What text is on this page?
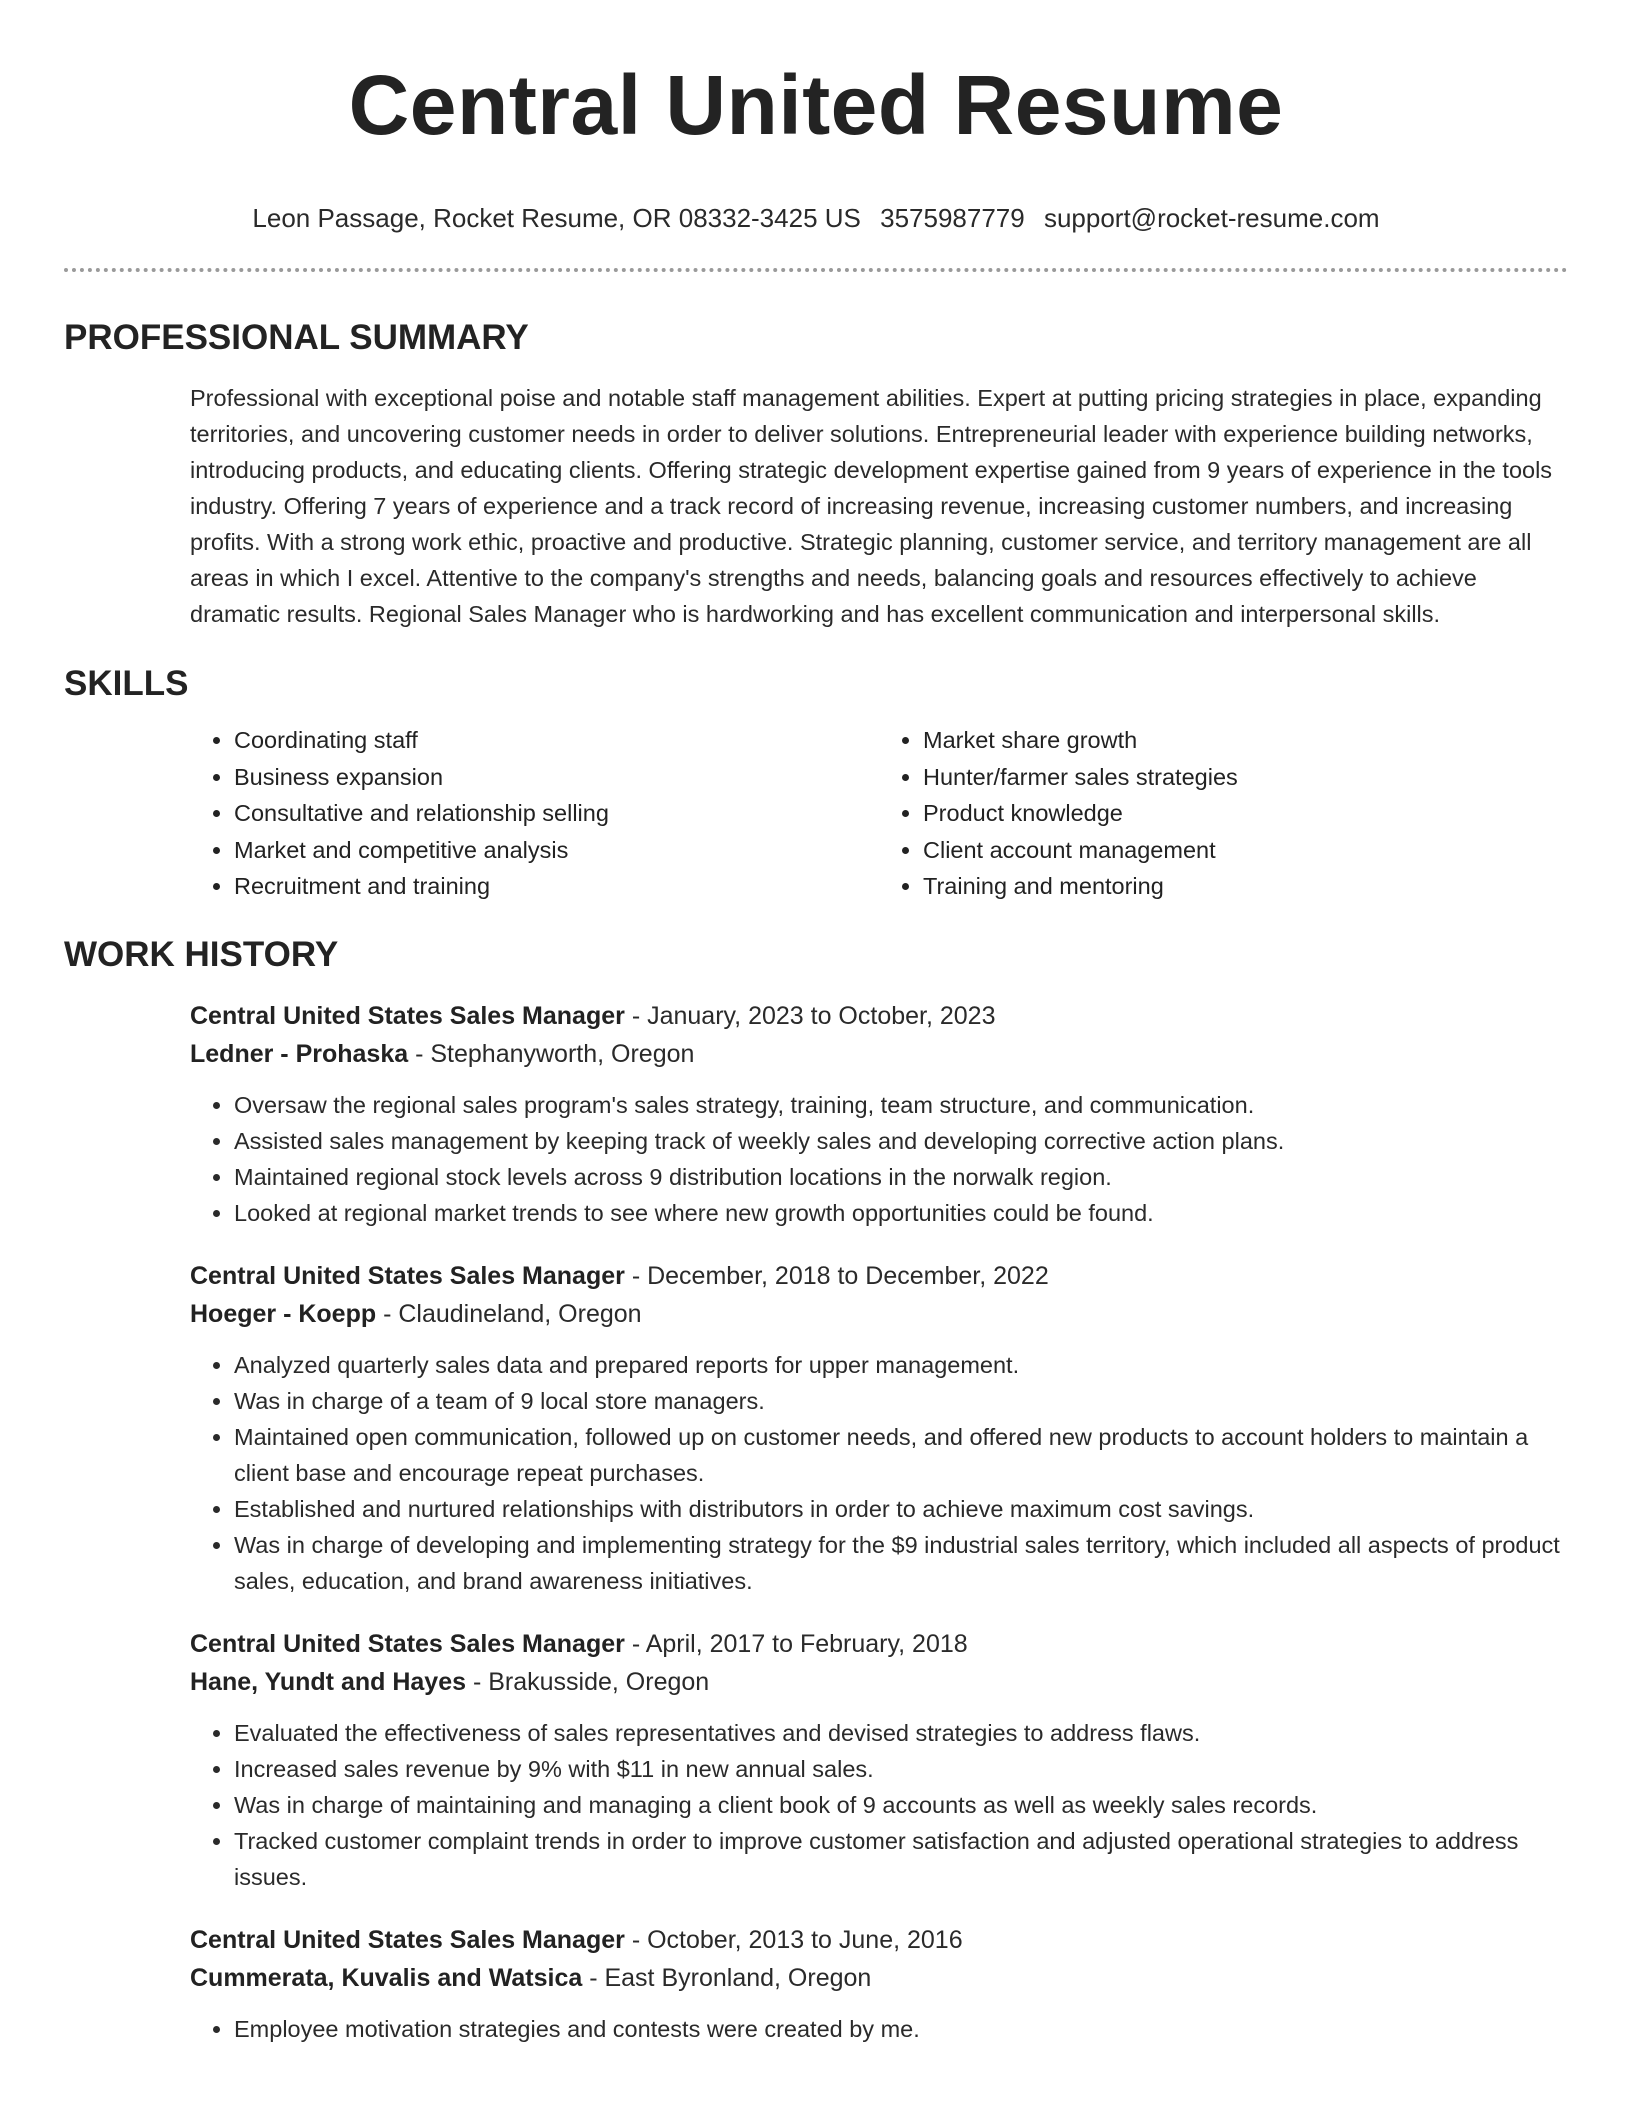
Central United Resume
Leon Passage, Rocket Resume, OR 08332-3425 US 3575987779 support@rocket-resume.com
PROFESSIONAL SUMMARY

Professional with exceptional poise and notable staff management abilities. Expert at putting pricing strategies in place, expanding territories, and uncovering customer needs in order to deliver solutions. Entrepreneurial leader with experience building networks, introducing products, and educating clients. Offering strategic development expertise gained from 9 years of experience in the tools industry. Offering 7 years of experience and a track record of increasing revenue, increasing customer numbers, and increasing profits. With a strong work ethic, proactive and productive. Strategic planning, customer service, and territory management are all areas in which I excel. Attentive to the company's strengths and needs, balancing goals and resources effectively to achieve dramatic results. Regional Sales Manager who is hardworking and has excellent communication and interpersonal skills.

SKILLS
• Coordinating staff
• Business expansion
• Consultative and relationship selling
• Market and competitive analysis
• Recruitment and training
• Market share growth
• Hunter/farmer sales strategies
• Product knowledge
• Client account management
• Training and mentoring
WORK HISTORY
Central United States Sales Manager - January, 2023 to October, 2023
Ledner - Prohaska - Stephanyworth, Oregon
• Oversaw the regional sales program's sales strategy, training, team structure, and communication.
• Assisted sales management by keeping track of weekly sales and developing corrective action plans.
• Maintained regional stock levels across 9 distribution locations in the norwalk region.
• Looked at regional market trends to see where new growth opportunities could be found.
Central United States Sales Manager - December, 2018 to December, 2022
Hoeger - Koepp - Claudineland, Oregon
• Analyzed quarterly sales data and prepared reports for upper management.
• Was in charge of a team of 9 local store managers.
• Maintained open communication, followed up on customer needs, and offered new products to account holders to maintain a client base and encourage repeat purchases.
• Established and nurtured relationships with distributors in order to achieve maximum cost savings.
• Was in charge of developing and implementing strategy for the $9 industrial sales territory, which included all aspects of product sales, education, and brand awareness initiatives.
Central United States Sales Manager - April, 2017 to February, 2018
Hane, Yundt and Hayes - Brakusside, Oregon
• Evaluated the effectiveness of sales representatives and devised strategies to address flaws.
• Increased sales revenue by 9% with $11 in new annual sales.
• Was in charge of maintaining and managing a client book of 9 accounts as well as weekly sales records.
• Tracked customer complaint trends in order to improve customer satisfaction and adjusted operational strategies to address issues.
Central United States Sales Manager - October, 2013 to June, 2016
Cummerata, Kuvalis and Watsica - East Byronland, Oregon
• Employee motivation strategies and contests were created by me.
